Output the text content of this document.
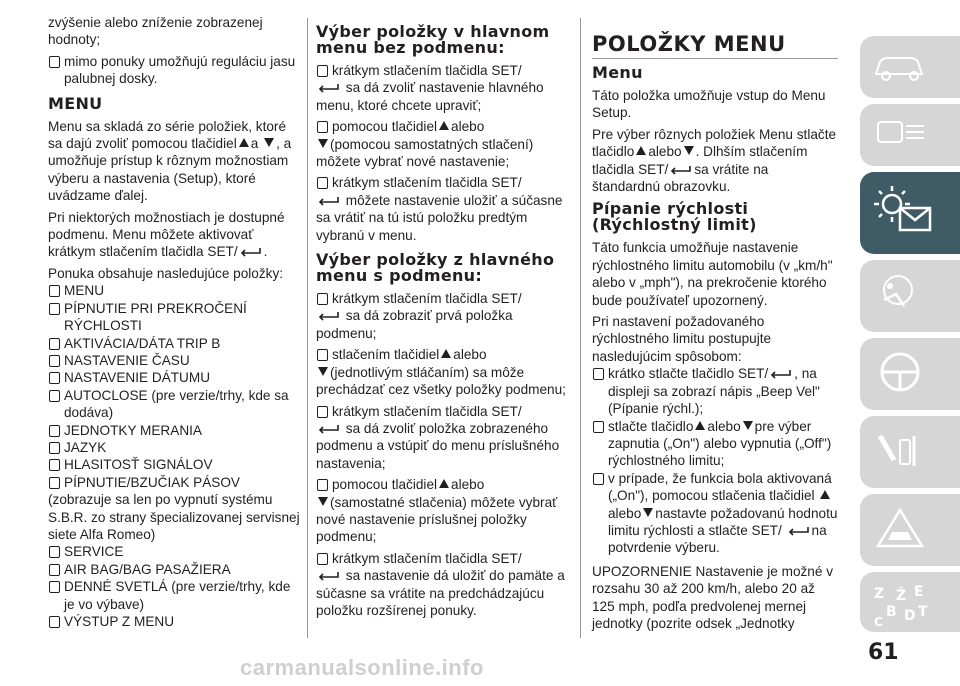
zvýšenie alebo zníženie zobrazenej hodnoty;

mimo ponuky umožňujú reguláciu jasu palubnej dosky.
MENU

Menu sa skladá zo série položiek, ktoré sa dajú zvoliť pomocou tlačidiel a , a umožňuje prístup k rôznym možnostiam výberu a nastavenia (Setup), ktoré uvádzame ďalej.

Pri niektorých možnostiach je dostupné podmenu. Menu môžete aktivovať krátkym stlačením tlačidla SET/ .

Ponuka obsahuje nasledujúce položky:

MENU
PÍPNUTIE PRI PREKROČENÍ RÝCHLOSTI
AKTIVÁCIA/DÁTA TRIP B
NASTAVENIE ČASU
NASTAVENIE DÁTUMU
AUTOCLOSE (pre verzie/trhy, kde sa dodáva)
JEDNOTKY MERANIA
JAZYK
HLASITOSŤ SIGNÁLOV
PÍPNUTIE/BZUČIAK PÁSOV

(zobrazuje sa len po vypnutí systému S.B.R. zo strany špecializovanej servisnej siete Alfa Romeo)

SERVICE
AIR BAG/BAG PASAŽIERA
DENNÉ SVETLÁ (pre verzie/trhy, kde je vo výbave)
VÝSTUP Z MENU
Výber položky v hlavnom menu bez podmenu:
krátkym stlačením tlačidla SET/

sa dá zvoliť nastavenie hlavného menu, ktoré chcete upraviť;

pomocou tlačidiel alebo

(pomocou samostatných stlačení) môžete vybrať nové nastavenie;

krátkym stlačením tlačidla SET/

môžete nastavenie uložiť a súčasne sa vrátiť na tú istú položku predtým vybranú v menu.

Výber položky z hlavného menu s podmenu:
krátkym stlačením tlačidla SET/

sa dá zobraziť prvá položka podmenu;

stlačením tlačidiel alebo

(jednotlivým stláčaním) sa môže prechádzať cez všetky položky podmenu;

krátkym stlačením tlačidla SET/

sa dá zvoliť položka zobrazeného podmenu a vstúpiť do menu príslušného nastavenia;

pomocou tlačidiel alebo

(samostatné stlačenia) môžete vybrať nové nastavenie príslušnej položky podmenu;

krátkym stlačením tlačidla SET/

sa nastavenie dá uložiť do pamäte a súčasne sa vrátite na predchádzajúcu položku rozšírenej ponuky.

POLOŽKY MENU
Menu

Táto položka umožňuje vstup do Menu Setup.

Pre výber rôznych položiek Menu stlačte tlačidlo alebo . Dlhším stlačením tlačidla SET/ sa vrátite na štandardnú obrazovku.

Pípanie rýchlosti (Rýchlostný limit)

Táto funkcia umožňuje nastavenie rýchlostného limitu automobilu (v „km/h" alebo v „mph"), na prekročenie ktorého bude používateľ upozornený.

Pri nastavení požadovaného rýchlostného limitu postupujte nasledujúcim spôsobom:

krátko stlačte tlačidlo SET/ , na displeji sa zobrazí nápis „Beep Vel" (Pípanie rýchl.);
stlačte tlačidlo alebo pre výber zapnutia („On") alebo vypnutia („Off") rýchlostného limitu;
v prípade, že funkcia bola aktivovaná („On"), pomocou stlačenia tlačidiel alebo nastavte požadovanú hodnotu limitu rýchlosti a stlačte SET/ na potvrdenie výberu.

UPOZORNENIE Nastavenie je možné v rozsahu 30 až 200 km/h, alebo 20 až 125 mph, podľa predvolenej mernej jednotky (pozrite odsek „Jednotky

Z Ž E
B
C D T
61
carmanualsonline.info
